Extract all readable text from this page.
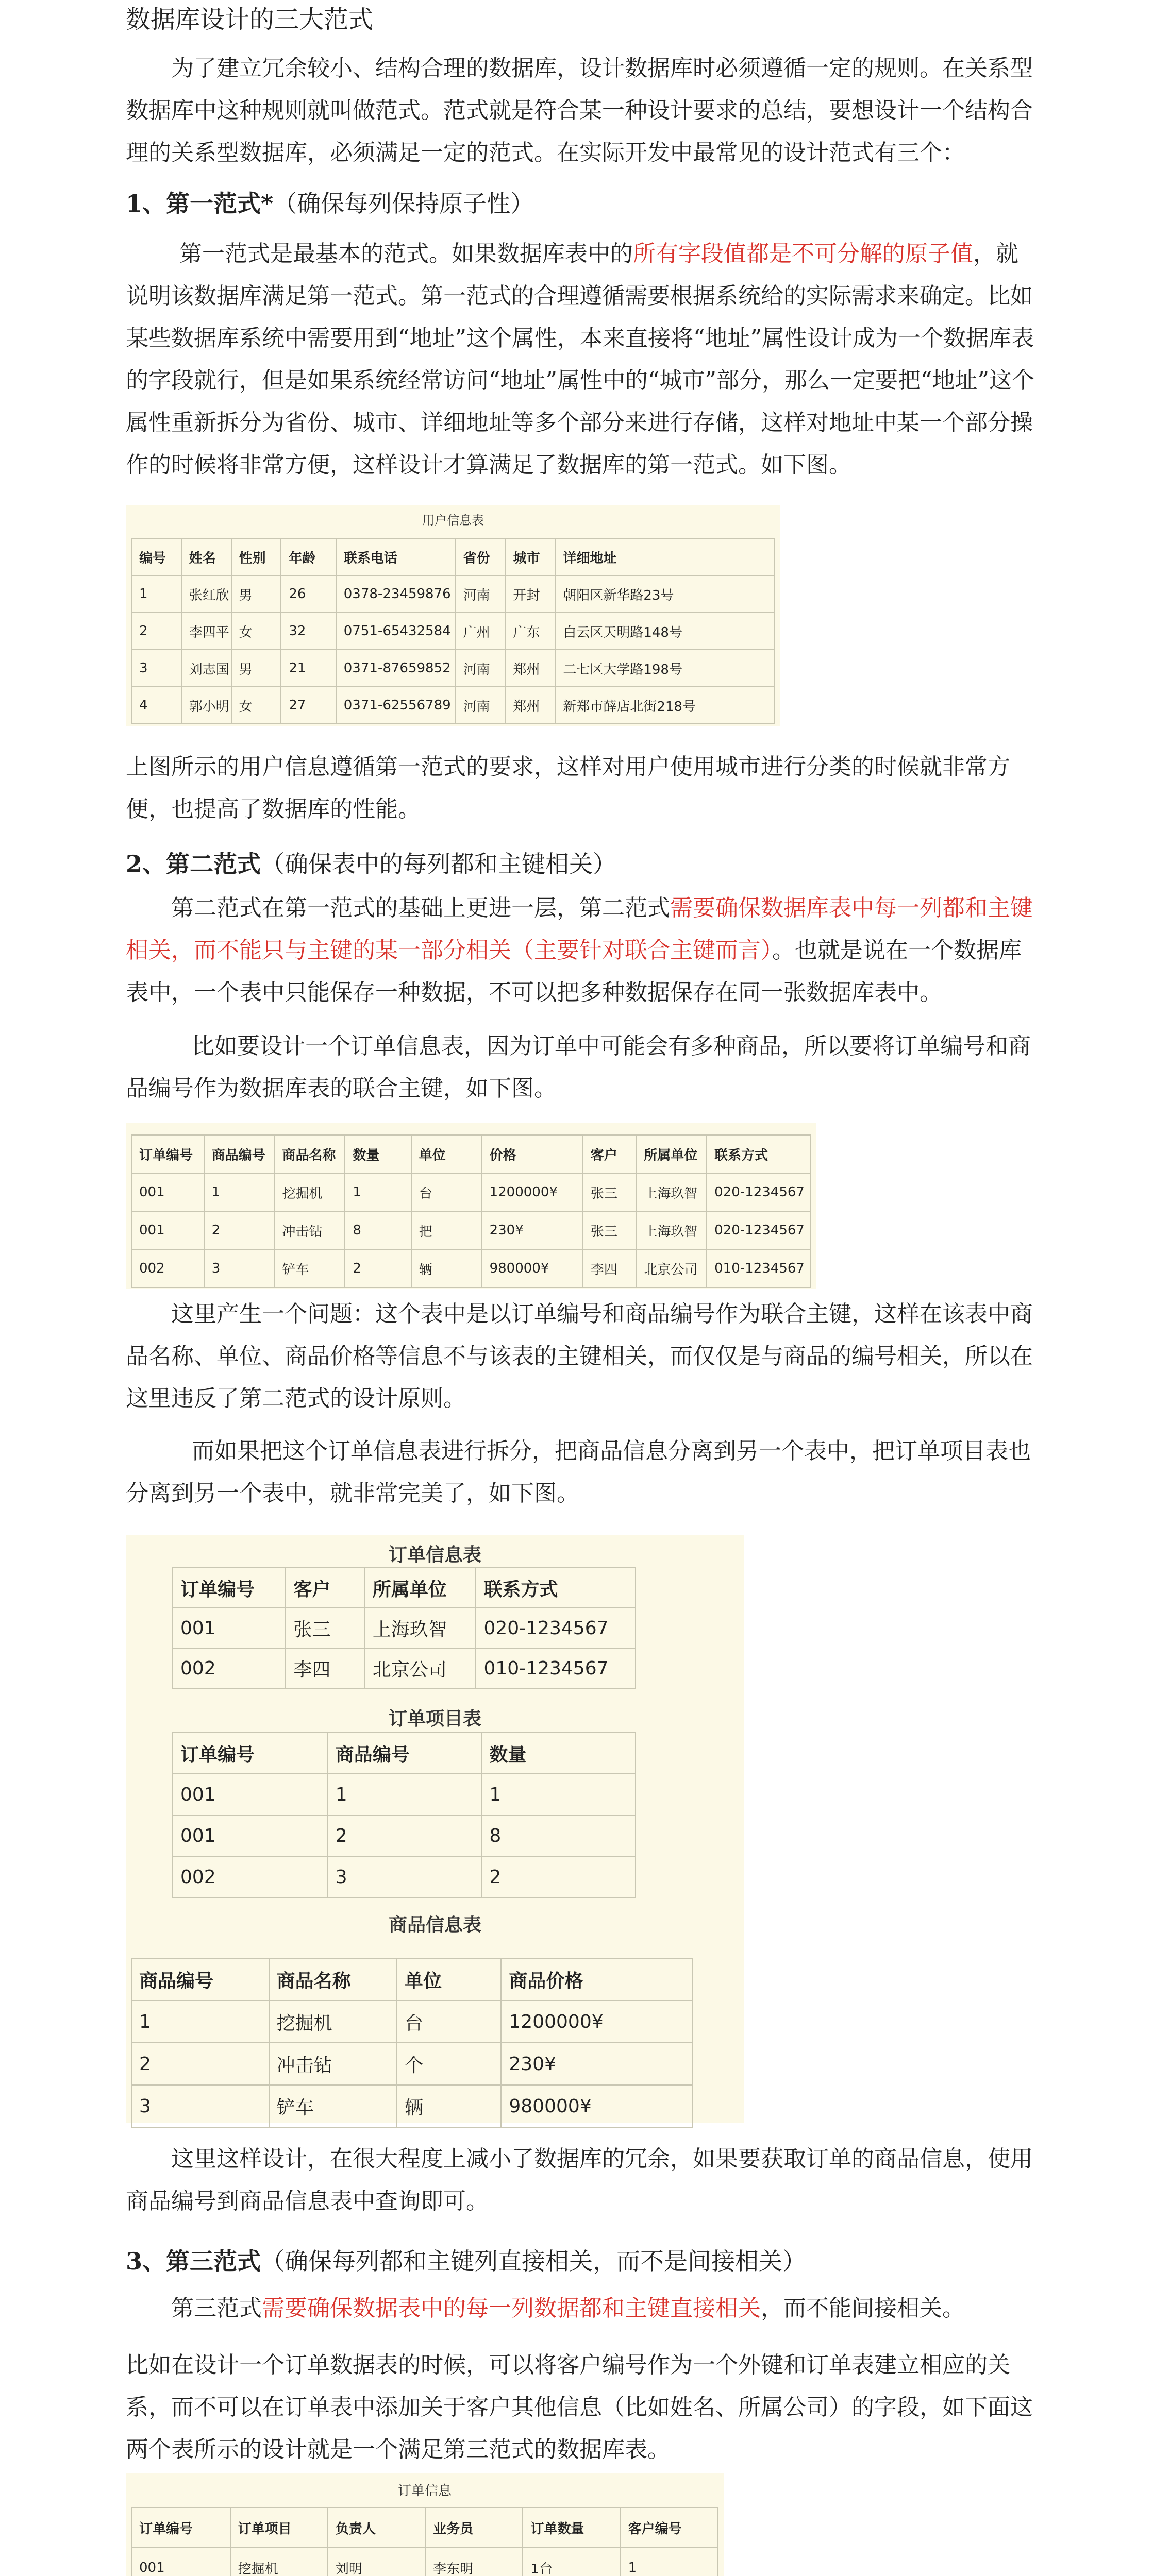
数据库设计的三大范式

为了建立冗余较小、结构合理的数据库，设计数据库时必须遵循一定的规则。在关系型数据库中这种规则就叫做范式。范式就是符合某一种设计要求的总结，要想设计一个结构合理的关系型数据库，必须满足一定的范式。在实际开发中最常见的设计范式有三个：

1、第一范式*（确保每列保持原子性）

第一范式是最基本的范式。如果数据库表中的所有字段值都是不可分解的原子值，就说明该数据库满足第一范式。第一范式的合理遵循需要根据系统给的实际需求来确定。比如某些数据库系统中需要用到“地址”这个属性，本来直接将“地址”属性设计成为一个数据库表的字段就行，但是如果系统经常访问“地址”属性中的“城市”部分，那么一定要把“地址”这个属性重新拆分为省份、城市、详细地址等多个部分来进行存储，这样对地址中某一个部分操作的时候将非常方便，这样设计才算满足了数据库的第一范式。如下图。

用户信息表
编号	姓名	性别	年龄	联系电话	省份	城市	详细地址
1	张红欣	男	26	0378-23459876	河南	开封	朝阳区新华路23号
2	李四平	女	32	0751-65432584	广州	广东	白云区天明路148号
3	刘志国	男	21	0371-87659852	河南	郑州	二七区大学路198号
4	郭小明	女	27	0371-62556789	河南	郑州	新郑市薛店北街218号

上图所示的用户信息遵循第一范式的要求，这样对用户使用城市进行分类的时候就非常方便，也提高了数据库的性能。

2、第二范式（确保表中的每列都和主键相关）

第二范式在第一范式的基础上更进一层，第二范式需要确保数据库表中每一列都和主键相关，而不能只与主键的某一部分相关（主要针对联合主键而言）。也就是说在一个数据库表中，一个表中只能保存一种数据，不可以把多种数据保存在同一张数据库表中。

比如要设计一个订单信息表，因为订单中可能会有多种商品，所以要将订单编号和商品编号作为数据库表的联合主键，如下图。

订单编号	商品编号	商品名称	数量	单位	价格	客户	所属单位	联系方式
001	1	挖掘机	1	台	1200000¥	张三	上海玖智	020-1234567
001	2	冲击钻	8	把	230¥	张三	上海玖智	020-1234567
002	3	铲车	2	辆	980000¥	李四	北京公司	010-1234567

这里产生一个问题：这个表中是以订单编号和商品编号作为联合主键，这样在该表中商品名称、单位、商品价格等信息不与该表的主键相关，而仅仅是与商品的编号相关，所以在这里违反了第二范式的设计原则。

而如果把这个订单信息表进行拆分，把商品信息分离到另一个表中，把订单项目表也分离到另一个表中，就非常完美了，如下图。

订单信息表
订单编号	客户	所属单位	联系方式
001	张三	上海玖智	020-1234567
002	李四	北京公司	010-1234567
订单项目表
订单编号	商品编号	数量
001	1	1
001	2	8
002	3	2
商品信息表
商品编号	商品名称	单位	商品价格
1	挖掘机	台	1200000¥
2	冲击钻	个	230¥
3	铲车	辆	980000¥

这里这样设计，在很大程度上减小了数据库的冗余，如果要获取订单的商品信息，使用商品编号到商品信息表中查询即可。

3、第三范式（确保每列都和主键列直接相关，而不是间接相关）

第三范式需要确保数据表中的每一列数据都和主键直接相关，而不能间接相关。

比如在设计一个订单数据表的时候，可以将客户编号作为一个外键和订单表建立相应的关系，而不可以在订单表中添加关于客户其他信息（比如姓名、所属公司）的字段，如下面这两个表所示的设计就是一个满足第三范式的数据库表。

订单信息
订单编号	订单项目	负责人	业务员	订单数量	客户编号
001	挖掘机	刘明	李东明	1台	1
